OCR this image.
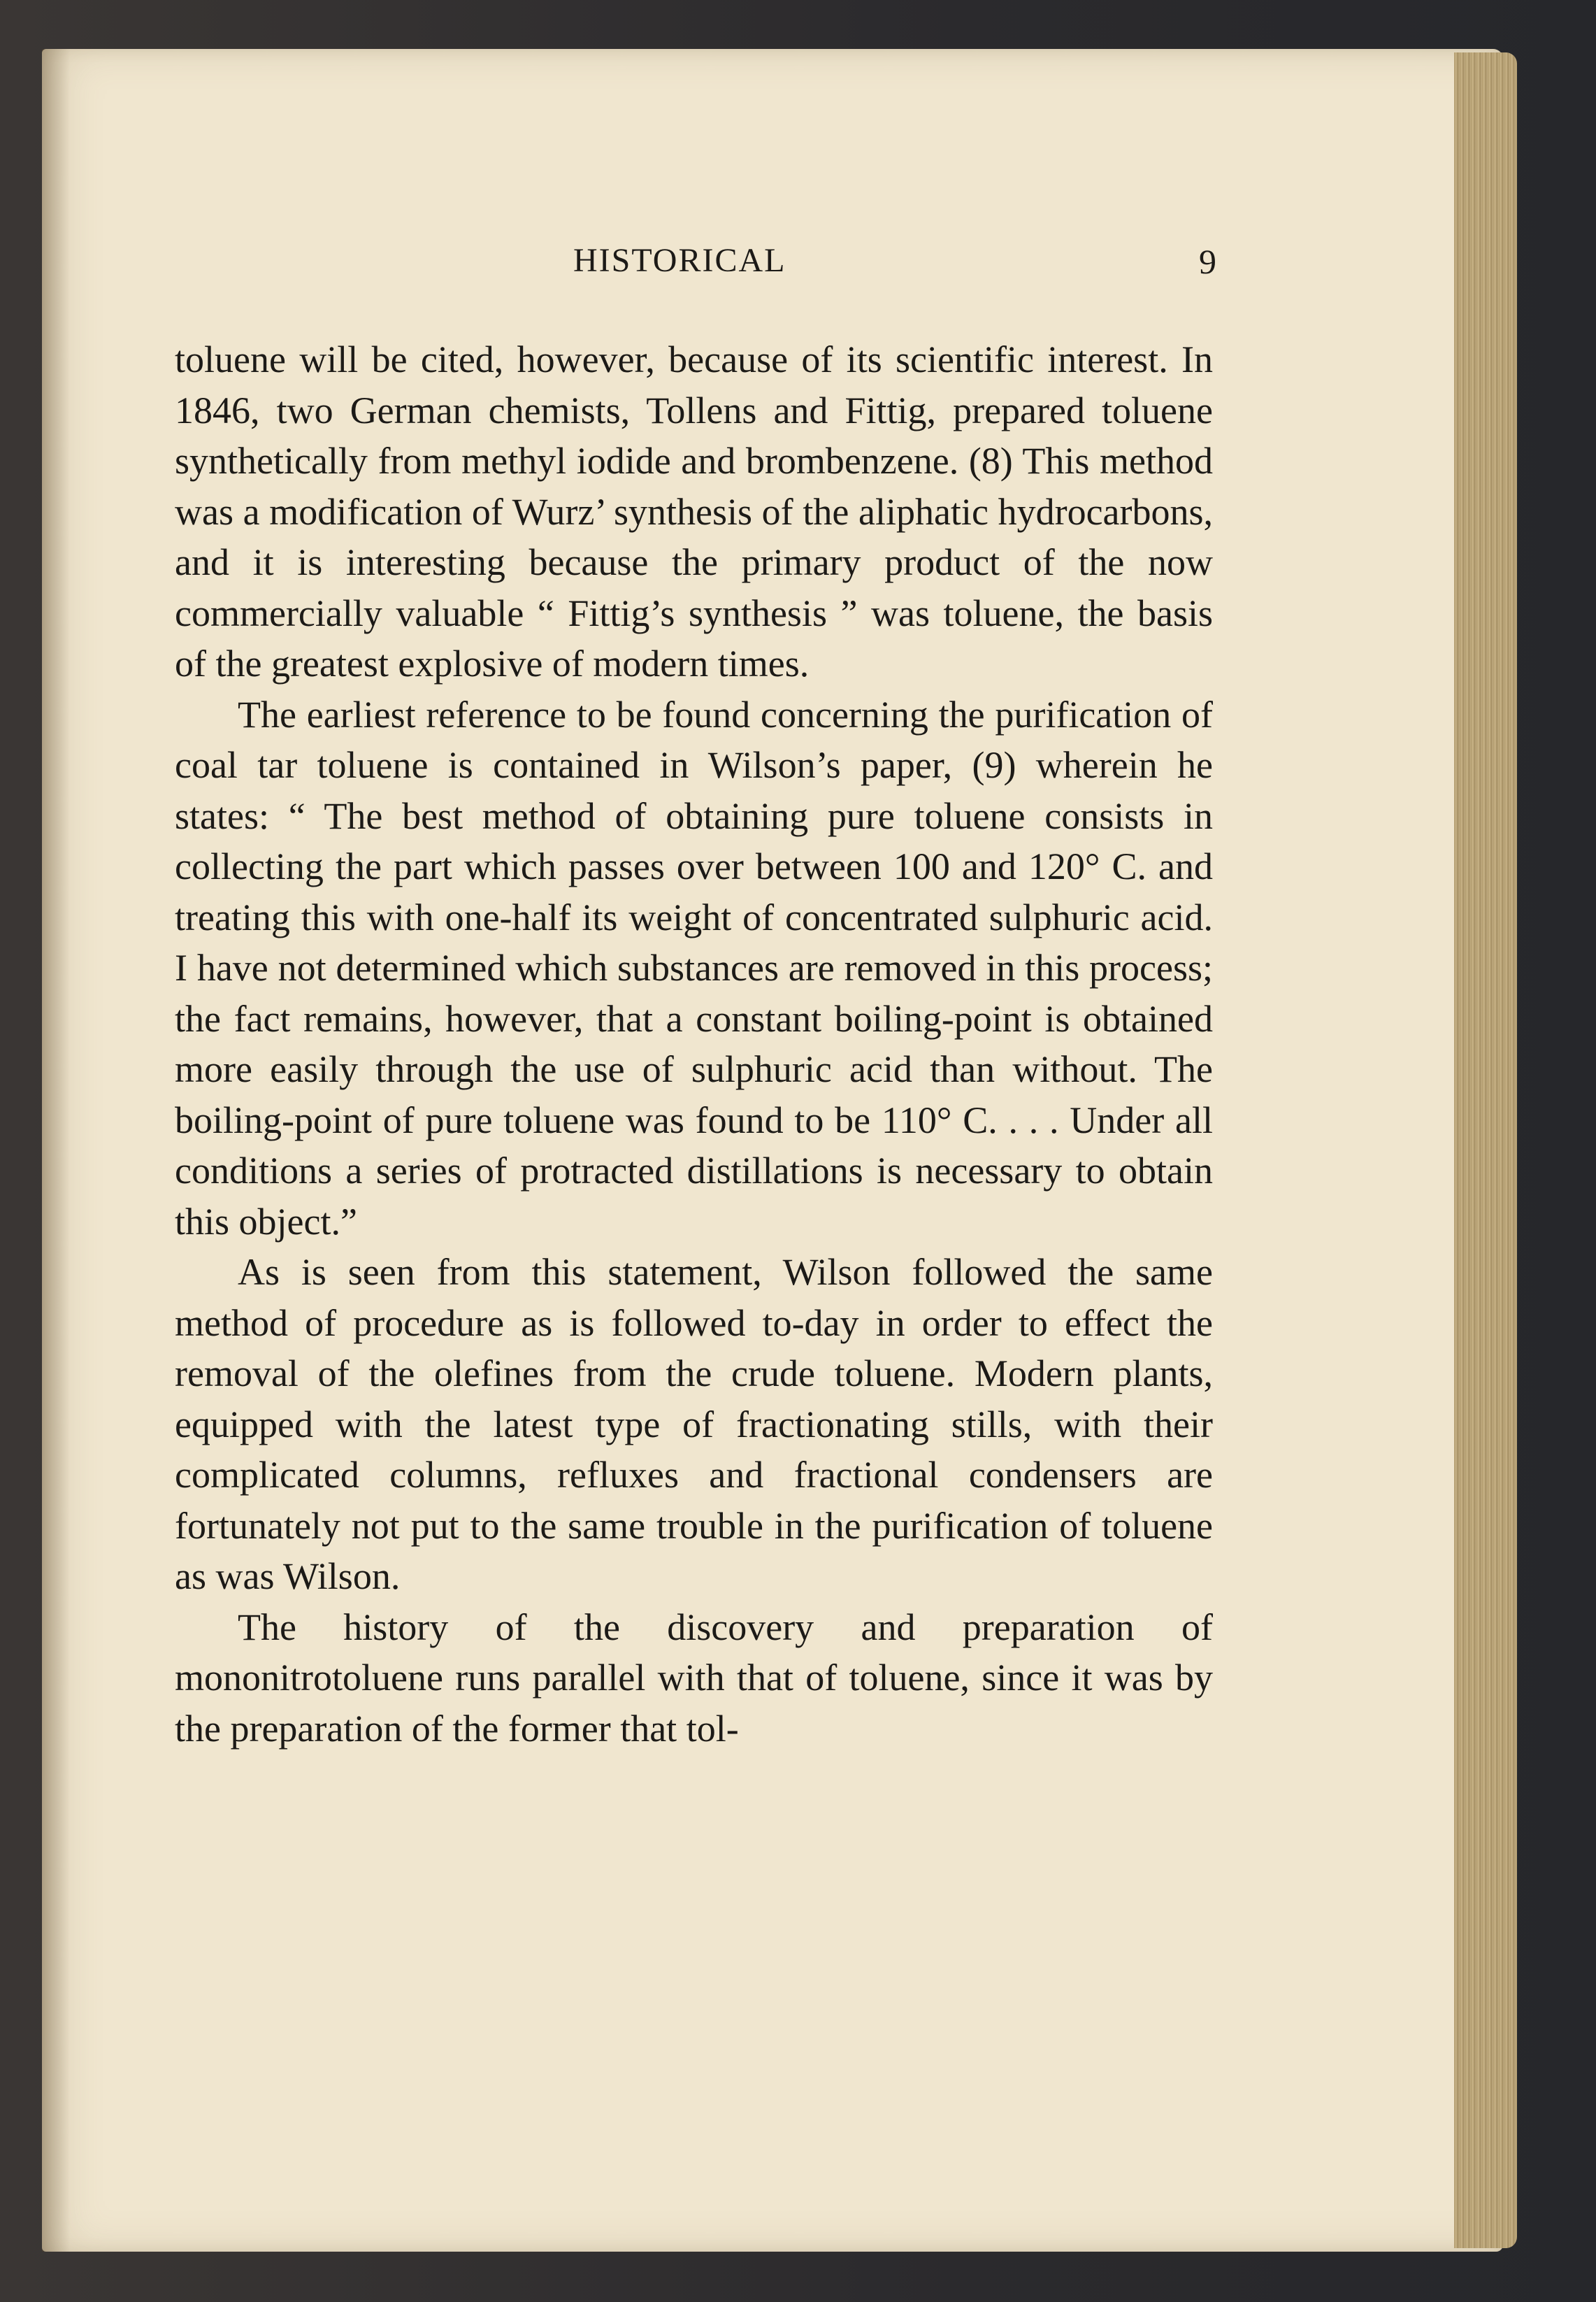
HISTORICAL	9

toluene will be cited, however, because of its scientific interest. In 1846, two German chemists, Tollens and Fittig, prepared toluene synthetically from methyl iodide and brombenzene. (8) This method was a modification of Wurz’ synthesis of the aliphatic hydrocarbons, and it is interesting because the primary product of the now commercially valuable “ Fittig’s synthesis ” was toluene, the basis of the greatest explosive of modern times.

The earliest reference to be found concerning the purification of coal tar toluene is contained in Wilson’s paper, (9) wherein he states: “ The best method of obtaining pure toluene consists in collecting the part which passes over between 100 and 120° C. and treating this with one-half its weight of concentrated sulphuric acid. I have not determined which substances are removed in this process; the fact remains, however, that a constant boiling-point is obtained more easily through the use of sulphuric acid than without. The boiling-point of pure toluene was found to be 110° C. . . . Under all conditions a series of protracted distillations is necessary to obtain this object.”

As is seen from this statement, Wilson followed the same method of procedure as is followed to-day in order to effect the removal of the olefines from the crude toluene. Modern plants, equipped with the latest type of fractionating stills, with their complicated columns, refluxes and fractional condensers are fortunately not put to the same trouble in the purification of toluene as was Wilson.

The history of the discovery and preparation of mononitrotoluene runs parallel with that of toluene, since it was by the preparation of the former that tol-
